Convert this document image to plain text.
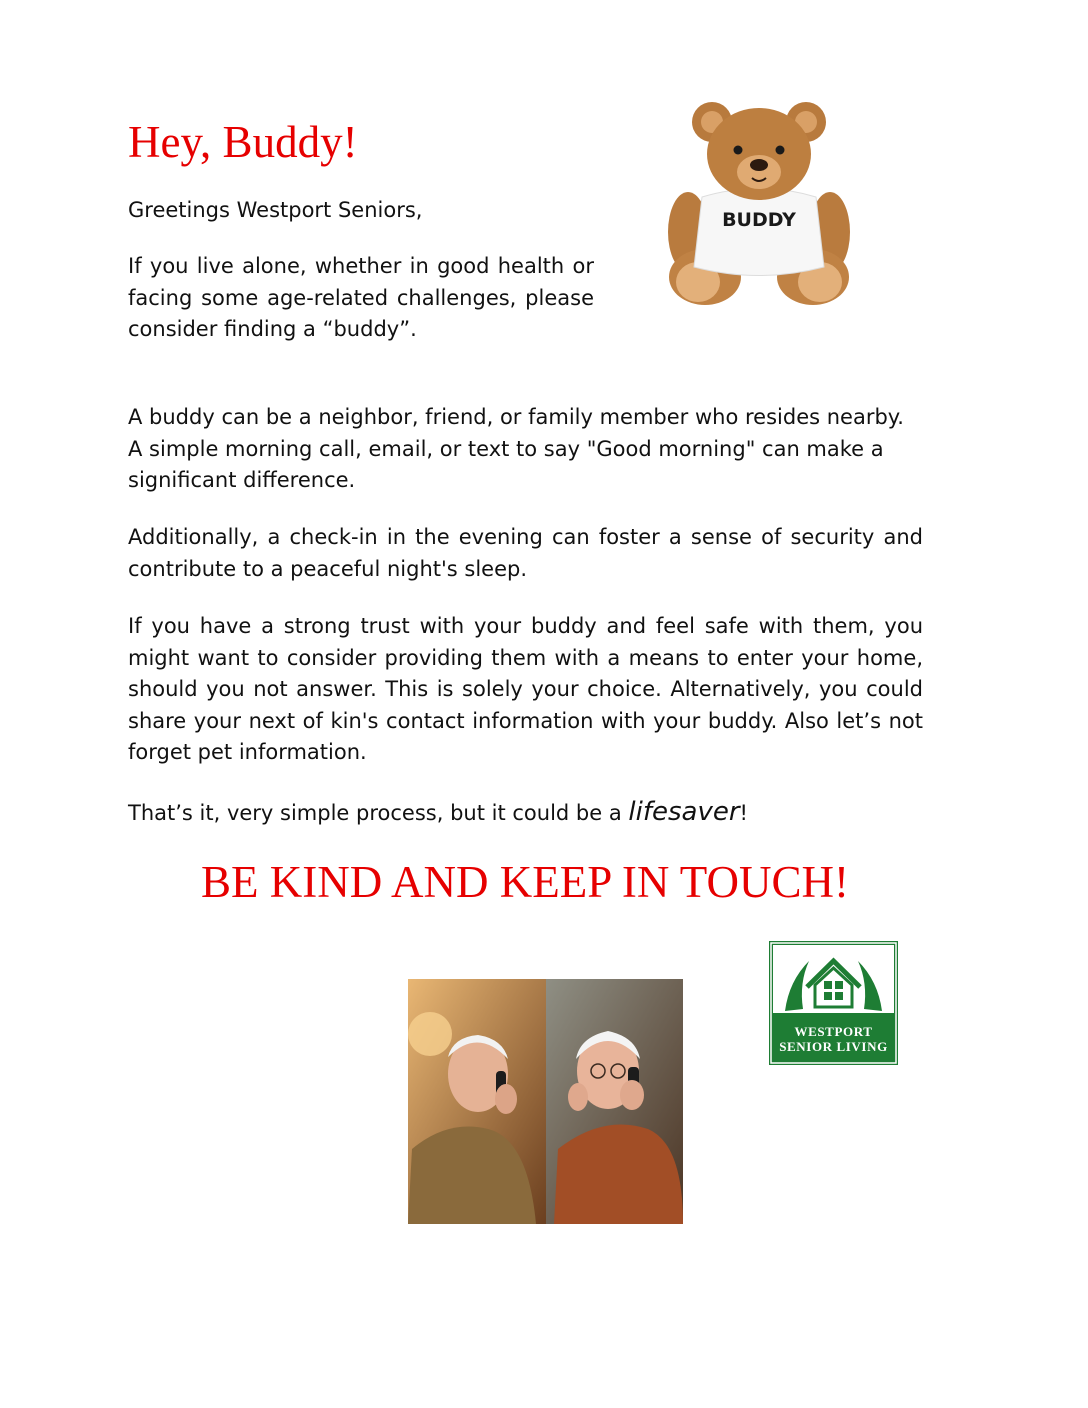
Hey, Buddy!

Greetings Westport Seniors,

If you live alone, whether in good health or facing some age-related challenges, please consider finding a “buddy”.

A buddy can be a neighbor, friend, or family member who resides nearby. A simple morning call, email, or text to say "Good morning" can make a significant difference.

Additionally, a check-in in the evening can foster a sense of security and contribute to a peaceful night's sleep.

If you have a strong trust with your buddy and feel safe with them, you might want to consider providing them with a means to enter your home, should you not answer. This is solely your choice. Alternatively, you could share your next of kin's contact information with your buddy. Also let’s not forget pet information.

That’s it, very simple process, but it could be a lifesaver!

BE KIND AND KEEP IN TOUCH!
BUDDY
WESTPORT
SENIOR LIVING
